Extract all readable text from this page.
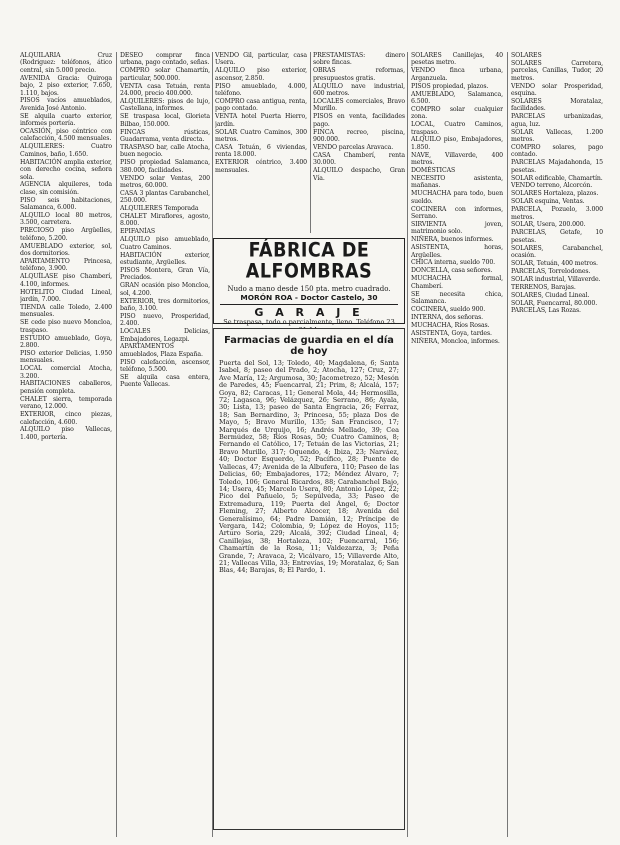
ALQUILARIA Cruz (Rodriguez: teléfonos, ático central, sin 5.000 precio.

AVENIDA Gracia: Quiroga bajo, 2 piso exterior, 7.650, 1.110, bajos.

PISOS vacíos amueblados, Avenida José Antonio.

SE alquila cuarto exterior, informes portería.

OCASIÓN, piso céntrico con calefacción, 4.500 mensuales.

ALQUILERES: Cuatro Caminos, baño, 1.650.

HABITACIÓN amplia exterior, con derecho cocina, señora sola.

AGENCIA alquileres, toda clase, sin comisión.

PISO seis habitaciones, Salamanca, 6.000.

ALQUILO local 80 metros, 3.500, carretera.

PRECIOSO piso Argüelles, teléfono, 5.200.

AMUEBLADO exterior, sol, dos dormitorios.

APARTAMENTO Princesa, teléfono, 3.900.

ALQUÍLASE piso Chamberí, 4.100, informes.

HOTELITO Ciudad Lineal, jardín, 7.000.

TIENDA calle Toledo, 2.400 mensuales.

SE cede piso nuevo Moncloa, traspaso.

ESTUDIO amueblado, Goya, 2.800.

PISO exterior Delicias, 1.950 mensuales.

LOCAL comercial Atocha, 3.200.

HABITACIONES caballeros, pensión completa.

CHALET sierra, temporada verano, 12.000.

EXTERIOR, cinco piezas, calefacción, 4.600.

ALQUILO piso Vallecas, 1.400, portería.

DESEO comprar finca urbana, pago contado, señas.

COMPRO solar Chamartín, particular, 500.000.

VENTA casa Tetuán, renta 24.000, precio 400.000.

ALQUILERES: pisos de lujo, Castellana, informes.

SE traspasa local, Glorieta Bilbao, 150.000.

FINCAS rústicas, Guadarrama, venta directa.

TRASPASO bar, calle Atocha, buen negocio.

PISO propiedad Salamanca, 380.000, facilidades.

VENDO solar Ventas, 200 metros, 60.000.

CASA 3 plantas Carabanchel, 250.000.

ALQUILERES Temporada

CHALET Miraflores, agosto, 8.000.

EPIFANÍAS

ALQUILO piso amueblado, Cuatro Caminos.

HABITACIÓN exterior, estudiante, Argüelles.

PISOS Montera, Gran Vía, Preciados.

GRAN ocasión piso Moncloa, sol, 4.200.

EXTERIOR, tres dormitorios, baño, 3.100.

PISO nuevo, Prosperidad, 2.400.

LOCALES Delicias, Embajadores, Legazpi.

APARTAMENTOS amueblados, Plaza España.

PISO calefacción, ascensor, teléfono, 5.500.

SE alquila casa entera, Puente Vallecas.

VENDO Gil, particular, casa Usera.

ALQUILO piso exterior, ascensor, 2.850.

PISO amueblado, 4.000, teléfono.

COMPRO casa antigua, renta, pago contado.

VENTA hotel Puerta Hierro, jardín.

SOLAR Cuatro Caminos, 300 metros.

CASA Tetuán, 6 viviendas, renta 18.000.

EXTERIOR céntrico, 3.400 mensuales.

PRESTAMISTAS: dinero sobre fincas.

OBRAS reformas, presupuestos gratis.

ALQUILO nave industrial, 600 metros.

LOCALES comerciales, Bravo Murillo.

PISOS en venta, facilidades pago.

FINCA recreo, piscina, 900.000.

VENDO parcelas Aravaca.

CASA Chamberí, renta 30.000.

ALQUILO despacho, Gran Vía.

FÁBRICA DE ALFOMBRAS
Nudo a mano desde 150 pta. metro cuadrado.
MORÓN ROA - Doctor Castelo, 30
G A R A J E
Se traspasa, todo o parcialmente, lleno. Teléfono 23
Farmacias de guardia en el día de hoy
Puerta del Sol, 13; Toledo, 40; Magdalena, 6; Santa Isabel, 8; paseo del Prado, 2; Atocha, 127; Cruz, 27; Ave María, 12; Argumosa, 30; Jacometrezo, 52; Mesón de Paredes, 45; Fuencarral, 21; Prim, 8; Alcalá, 157; Goya, 82; Caracas, 11; General Mola, 44; Hermosilla, 72; Lagasca, 96; Velázquez, 26; Serrano, 86; Ayala, 30; Lista, 13; paseo de Santa Engracia, 26; Ferraz, 18; San Bernardino, 3; Princesa, 55; plaza Dos de Mayo, 5; Bravo Murillo, 135; San Francisco, 17; Marqués de Urquijo, 16; Andrés Mellado, 39; Cea Bermúdez, 58; Ríos Rosas, 50; Cuatro Caminos, 8; Fernando el Católico, 17; Tetuán de las Victorias, 21; Bravo Murillo, 317; Oquendo, 4; Ibiza, 23; Narváez, 40; Doctor Esquerdo, 52; Pacífico, 28; Puente de Vallecas, 47; Avenida de la Albufera, 110; Paseo de las Delicias, 60; Embajadores, 172; Méndez Álvaro, 7; Toledo, 106; General Ricardos, 88; Carabanchel Bajo, 14; Usera, 45; Marcelo Usera, 80; Antonio López, 22; Pico del Pañuelo, 5; Sepúlveda, 33; Paseo de Extremadura, 119; Puerta del Ángel, 6; Doctor Fleming, 27; Alberto Alcocer, 18; Avenida del Generalísimo, 64; Padre Damián, 12; Príncipe de Vergara, 142; Colombia, 9; López de Hoyos, 115; Arturo Soria, 229; Alcalá, 392; Ciudad Lineal, 4; Canillejas, 38; Hortaleza, 102; Fuencarral, 156; Chamartín de la Rosa, 11; Valdezarza, 3; Peña Grande, 7; Aravaca, 2; Vicálvaro, 15; Villaverde Alto, 21; Vallecas Villa, 33; Entrevías, 19; Moratalaz, 6; San Blas, 44; Barajas, 8; El Pardo, 1.

SOLARES Canillejas, 40 pesetas metro.

VENDO finca urbana, Arganzuela.

PISOS propiedad, plazos.

AMUEBLADO, Salamanca, 6.500.

COMPRO solar cualquier zona.

LOCAL, Cuatro Caminos, traspaso.

ALQUILO piso, Embajadores, 1.850.

NAVE, Villaverde, 400 metros.

DOMÉSTICAS

NECESITO asistenta, mañanas.

MUCHACHA para todo, buen sueldo.

COCINERA con informes, Serrano.

SIRVIENTA joven, matrimonio solo.

NIÑERA, buenos informes.

ASISTENTA, horas, Argüelles.

CHICA interna, sueldo 700.

DONCELLA, casa señores.

MUCHACHA formal, Chamberí.

SE necesita chica, Salamanca.

COCINERA, sueldo 900.

INTERNA, dos señoras.

MUCHACHA, Ríos Rosas.

ASISTENTA, Goya, tardes.

NIÑERA, Moncloa, informes.

SOLARES

SOLARES Carretera, parcelas, Canillas, Tudor, 20 metros.

VENDO solar Prosperidad, esquina.

SOLARES Moratalaz, facilidades.

PARCELAS urbanizadas, agua, luz.

SOLAR Vallecas, 1.200 metros.

COMPRO solares, pago contado.

PARCELAS Majadahonda, 15 pesetas.

SOLAR edificable, Chamartín.

VENDO terreno, Alcorcón.

SOLARES Hortaleza, plazos.

SOLAR esquina, Ventas.

PARCELA, Pozuelo, 3.000 metros.

SOLAR, Usera, 200.000.

PARCELAS, Getafe, 10 pesetas.

SOLARES, Carabanchel, ocasión.

SOLAR, Tetuán, 400 metros.

PARCELAS, Torrelodones.

SOLAR industrial, Villaverde.

TERRENOS, Barajas.

SOLARES, Ciudad Lineal.

SOLAR, Fuencarral, 80.000.

PARCELAS, Las Rozas.
